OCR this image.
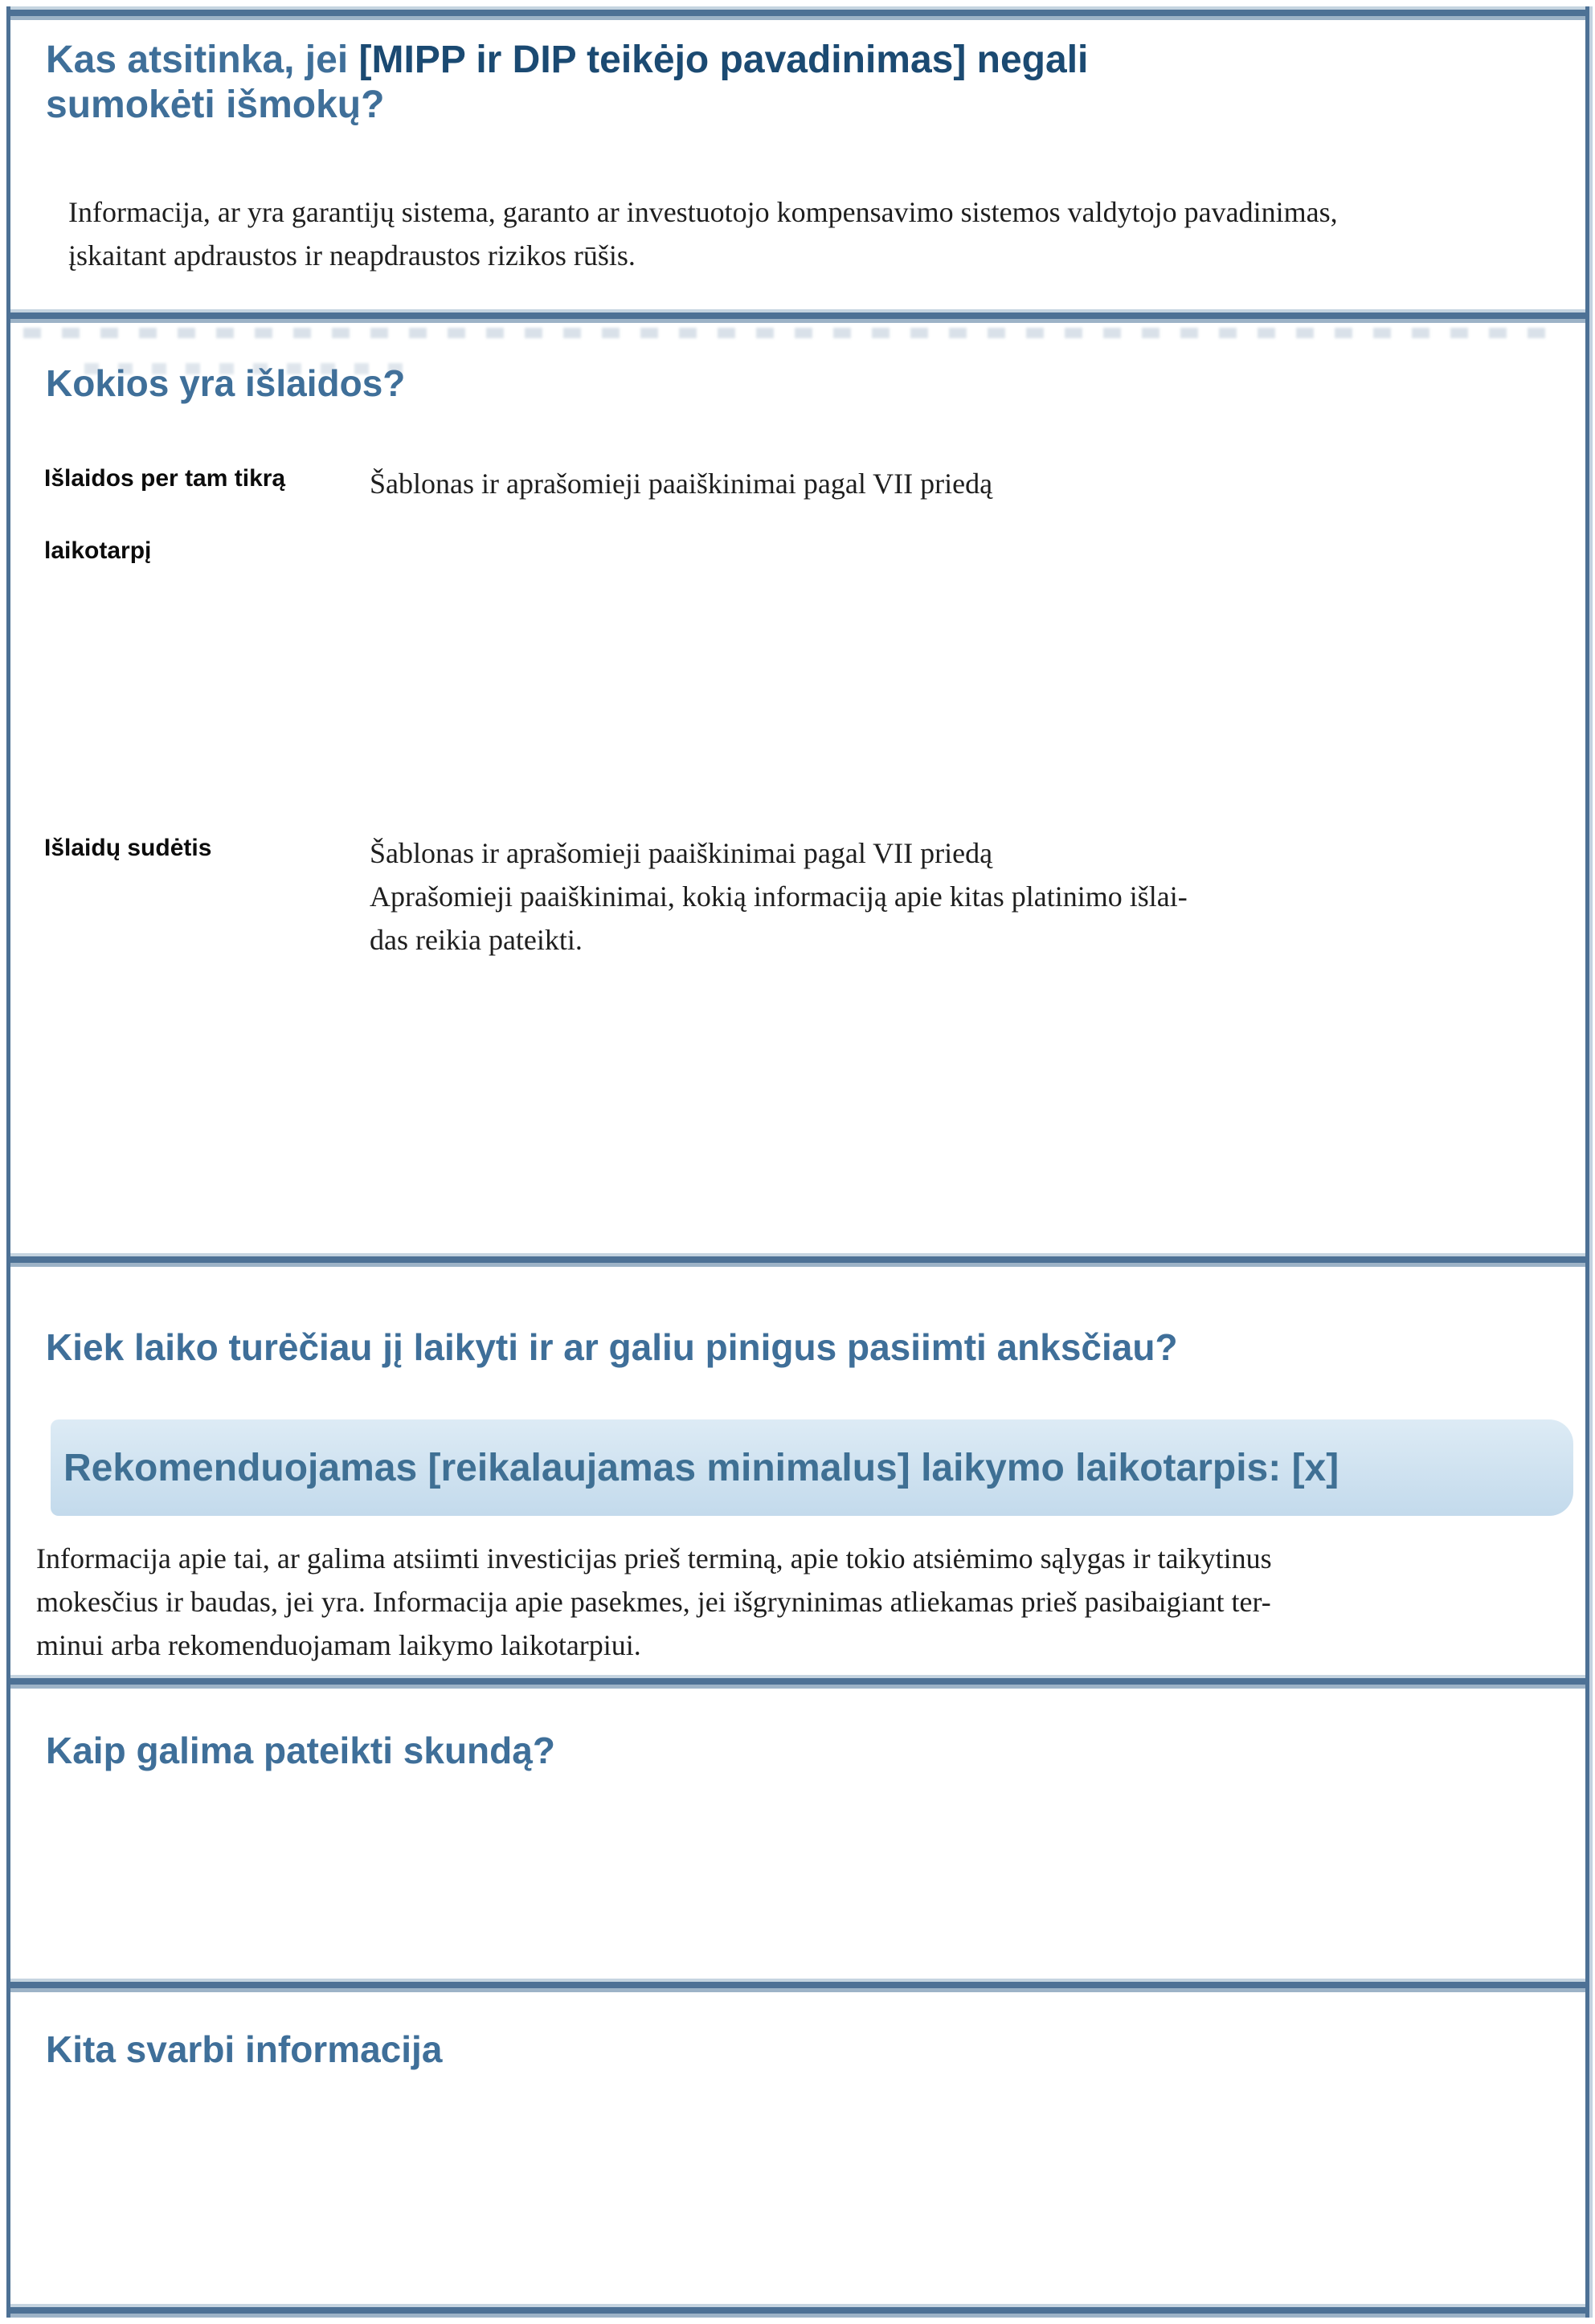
Kas atsitinka, jei [MIPP ir DIP teikėjo pavadinimas] negali
sumokėti išmokų?

Informacija, ar yra garantijų sistema, garanto ar investuotojo kompensavimo sistemos valdytojo pavadinimas, įskaitant apdraustos ir neapdraustos rizikos rūšis.

Kokios yra išlaidos?
Išlaidos per tam tikrą laikotarpį
Šablonas ir aprašomieji paaiškinimai pagal VII priedą
Išlaidų sudėtis	Šablonas ir aprašomieji paaiškinimai pagal VII priedą
Aprašomieji paaiškinimai, kokią informaciją apie kitas platinimo išlai-
das reikia pateikti.
Kiek laiko turėčiau jį laikyti ir ar galiu pinigus pasiimti anksčiau?
Rekomenduojamas [reikalaujamas minimalus] laikymo laikotarpis: [x]
Informacija apie tai, ar galima atsiimti investicijas prieš terminą, apie tokio atsiėmimo sąlygas ir taikytinus
mokesčius ir baudas, jei yra. Informacija apie pasekmes, jei išgryninimas atliekamas prieš pasibaigiant ter-
minui arba rekomenduojamam laikymo laikotarpiui.
Kaip galima pateikti skundą?
Kita svarbi informacija
